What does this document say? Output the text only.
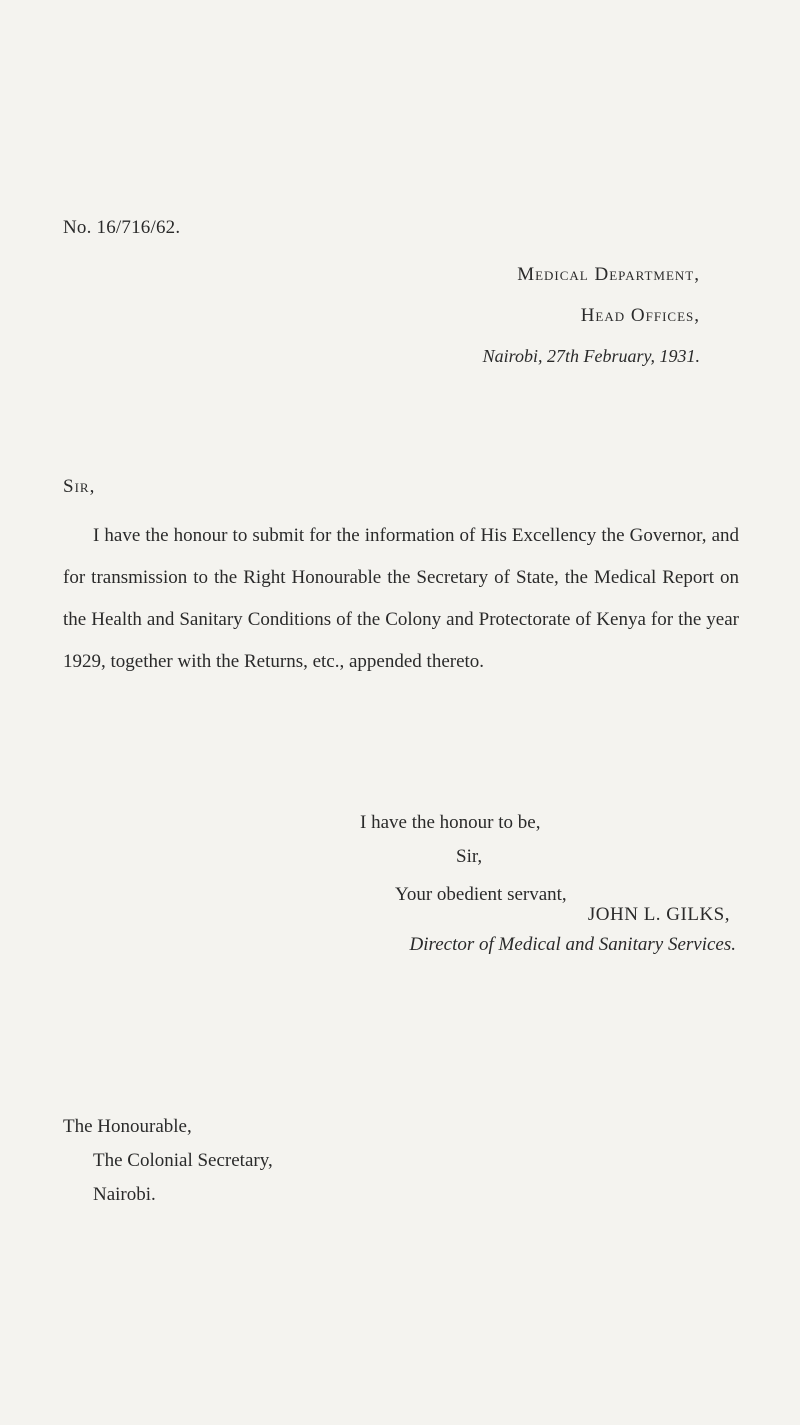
No. 16/716/62.
Medical Department,
Head Offices,
Nairobi, 27th February, 1931.
Sir,

I have the honour to submit for the information of His Excellency the Governor, and for transmission to the Right Honourable the Secretary of State, the Medical Report on the Health and Sanitary Conditions of the Colony and Protectorate of Kenya for the year 1929, together with the Returns, etc., appended thereto.

I have the honour to be,
Sir,
Your obedient servant,
JOHN L. GILKS,
Director of Medical and Sanitary Services.
The Honourable,
The Colonial Secretary,
Nairobi.
